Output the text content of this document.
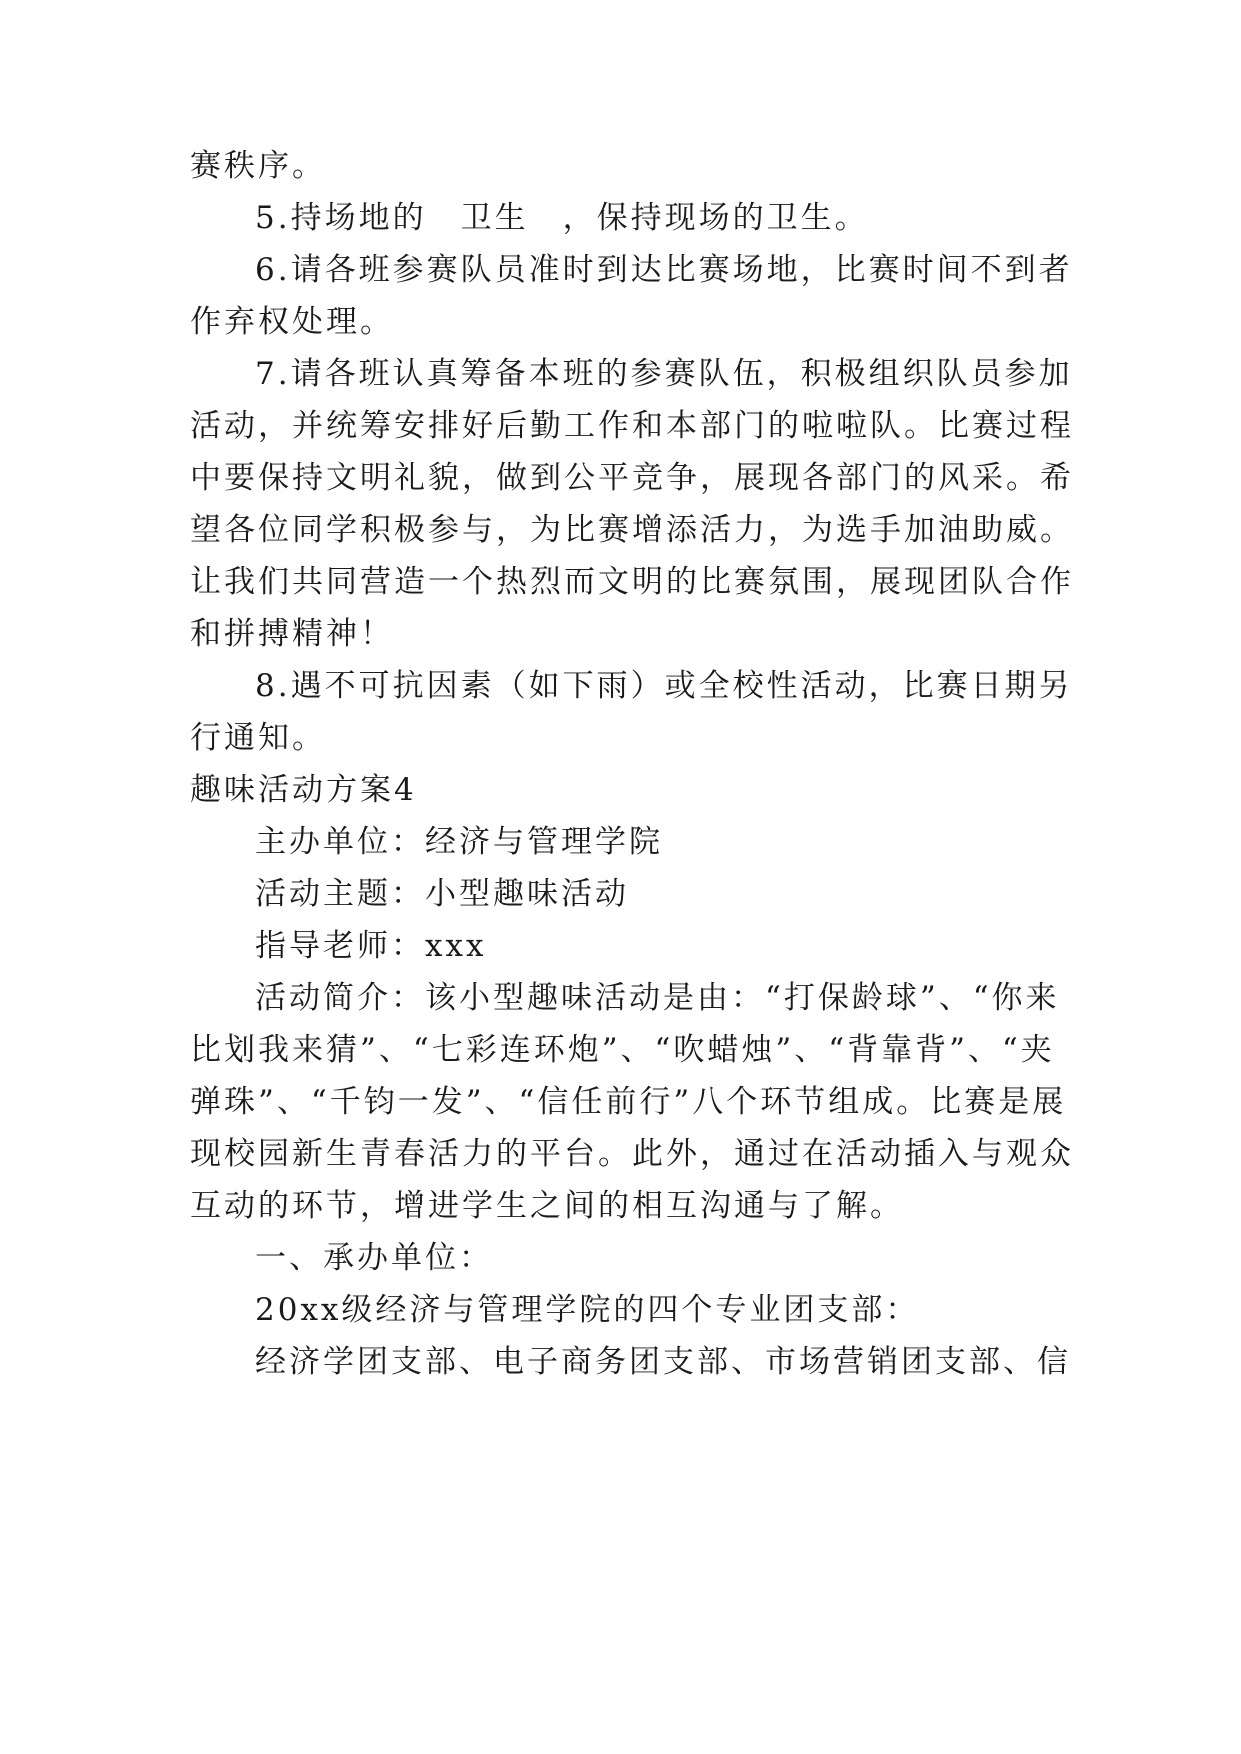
赛秩序。
5.持场地的　卫生　，保持现场的卫生。
6.请各班参赛队员准时到达比赛场地，比赛时间不到者
作弃权处理。
7.请各班认真筹备本班的参赛队伍，积极组织队员参加
活动，并统筹安排好后勤工作和本部门的啦啦队。比赛过程
中要保持文明礼貌，做到公平竞争，展现各部门的风采。希
望各位同学积极参与，为比赛增添活力，为选手加油助威。
让我们共同营造一个热烈而文明的比赛氛围，展现团队合作
和拼搏精神！
8.遇不可抗因素（如下雨）或全校性活动，比赛日期另
行通知。
趣味活动方案4
主办单位：经济与管理学院
活动主题：小型趣味活动
指导老师：xxx
活动简介：该小型趣味活动是由：“打保龄球”、“你来
比划我来猜”、“七彩连环炮”、“吹蜡烛”、“背靠背”、“夹
弹珠”、“千钧一发”、“信任前行”八个环节组成。比赛是展
现校园新生青春活力的平台。此外，通过在活动插入与观众
互动的环节，增进学生之间的相互沟通与了解。
一、承办单位：
20xx级经济与管理学院的四个专业团支部：
经济学团支部、电子商务团支部、市场营销团支部、信
